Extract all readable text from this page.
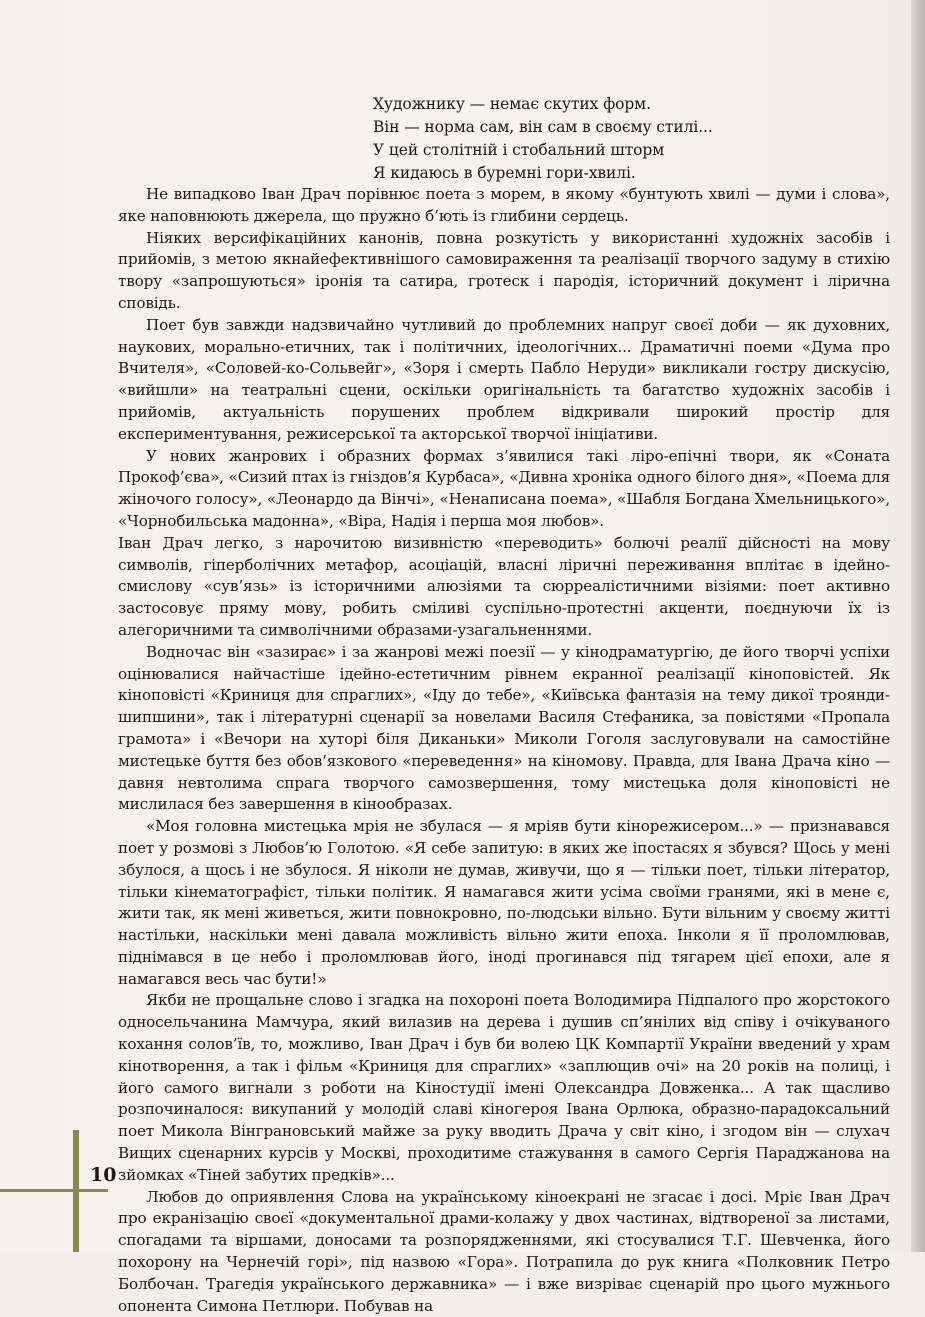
Художнику — немає скутих форм.
Він — норма сам, він сам в своєму стилі...
У цей столітній і стобальний шторм
Я кидаюсь в буремні гори-хвилі.

Не випадково Іван Драч порівнює поета з морем, в якому «бунтують хвилі — думи і слова», яке наповнюють джерела, що пружно б’ють із глибини сердець.

Ніяких версифікаційних канонів, повна розкутість у використанні художніх засобів і прийомів, з метою якнайефективнішого самовираження та реалізації творчого задуму в стихію твору «запрошуються» іронія та сатира, гротеск і пародія, історичний документ і лірична сповідь.

Поет був завжди надзвичайно чутливий до проблемних напруг своєї доби — як духовних, наукових, морально-етичних, так і політичних, ідеологічних... Драматичні поеми «Дума про Вчителя», «Соловей-ко-Сольвейг», «Зоря і смерть Пабло Неруди» викликали гостру дискусію, «вийшли» на театральні сцени, оскільки оригінальність та багатство художніх засобів і прийомів, актуальність порушених проблем відкривали широкий простір для експериментування, режисерської та акторської творчої ініціативи.

У нових жанрових і образних формах з’явилися такі ліро-епічні твори, як «Соната Прокоф’єва», «Сизий птах із гніздов’я Курбаса», «Дивна хроніка одного білого дня», «Поема для жіночого голосу», «Леонардо да Вінчі», «Ненаписана поема», «Шабля Богдана Хмельницького», «Чорнобильська мадонна», «Віра, Надія і перша моя любов».

Іван Драч легко, з нарочитою визивністю «переводить» болючі реалії дійсності на мову символів, гіперболічних метафор, асоціацій, власні ліричні переживання вплітає в ідейно-смислову «сув’язь» із історичними алюзіями та сюрреалістичними візіями: поет активно застосовує пряму мову, робить сміливі суспільно-протестні акценти, поєднуючи їх із алегоричними та символічними образами-узагальненнями.

Водночас він «зазирає» і за жанрові межі поезії — у кінодраматургію, де його творчі успіхи оцінювалися найчастіше ідейно-естетичним рівнем екранної реалізації кіноповістей. Як кіноповісті «Криниця для спраглих», «Іду до тебе», «Київська фантазія на тему дикої троянди-шипшини», так і літературні сценарії за новелами Василя Стефаника, за повістями «Пропала грамота» і «Вечори на хуторі біля Диканьки» Миколи Гоголя заслуговували на самостійне мистецьке буття без обов’язкового «переведення» на кіномову. Правда, для Івана Драча кіно — давня невтолима спрага творчого самозвершення, тому мистецька доля кіноповісті не мислилася без завершення в кінообразах.

«Моя головна мистецька мрія не збулася — я мріяв бути кінорежисером...» — признавався поет у розмові з Любов’ю Голотою. «Я себе запитую: в яких же іпостасях я збувся? Щось у мені збулося, а щось і не збулося. Я ніколи не думав, живучи, що я — тільки поет, тільки літератор, тільки кінематографіст, тільки політик. Я намагався жити усіма своїми гранями, які в мене є, жити так, як мені живеться, жити повнокровно, по-людськи вільно. Бути вільним у своєму житті настільки, наскільки мені давала можливість вільно жити епоха. Інколи я її проломлював, піднімався в це небо і проломлював його, іноді прогинався під тягарем цієї епохи, але я намагався весь час бути!»

Якби не прощальне слово і згадка на похороні поета Володимира Підпалого про жорстокого односельчанина Мамчура, який вилазив на дерева і душив сп’янілих від співу і очікуваного кохання солов’їв, то, можливо, Іван Драч і був би волею ЦК Компартії України введений у храм кінотворення, а так і фільм «Криниця для спраглих» «заплющив очі» на 20 років на полиці, і його самого вигнали з роботи на Кіностудії імені Олександра Довженка... А так щасливо розпочиналося: викупаний у молодій славі кіногероя Івана Орлюка, образно-парадоксальний поет Микола Вінграновський майже за руку вводить Драча у світ кіно, і згодом він — слухач Вищих сценарних курсів у Москві, проходитиме стажування в самого Сергія Параджанова на зйомках «Тіней забутих предків»...

Любов до оприявлення Слова на українському кіноекрані не згасає і досі. Мріє Іван Драч про екранізацію своєї «документальної драми-колажу у двох частинах, відтвореної за листами, спогадами та віршами, доносами та розпорядженнями, які стосувалися Т.Г. Шевченка, його похорону на Чернечій горі», під назвою «Гора». Потрапила до рук книга «Полковник Петро Болбочан. Трагедія українського державника» — і вже визріває сценарій про цього мужнього опонента Симона Петлюри. Побував на

10
